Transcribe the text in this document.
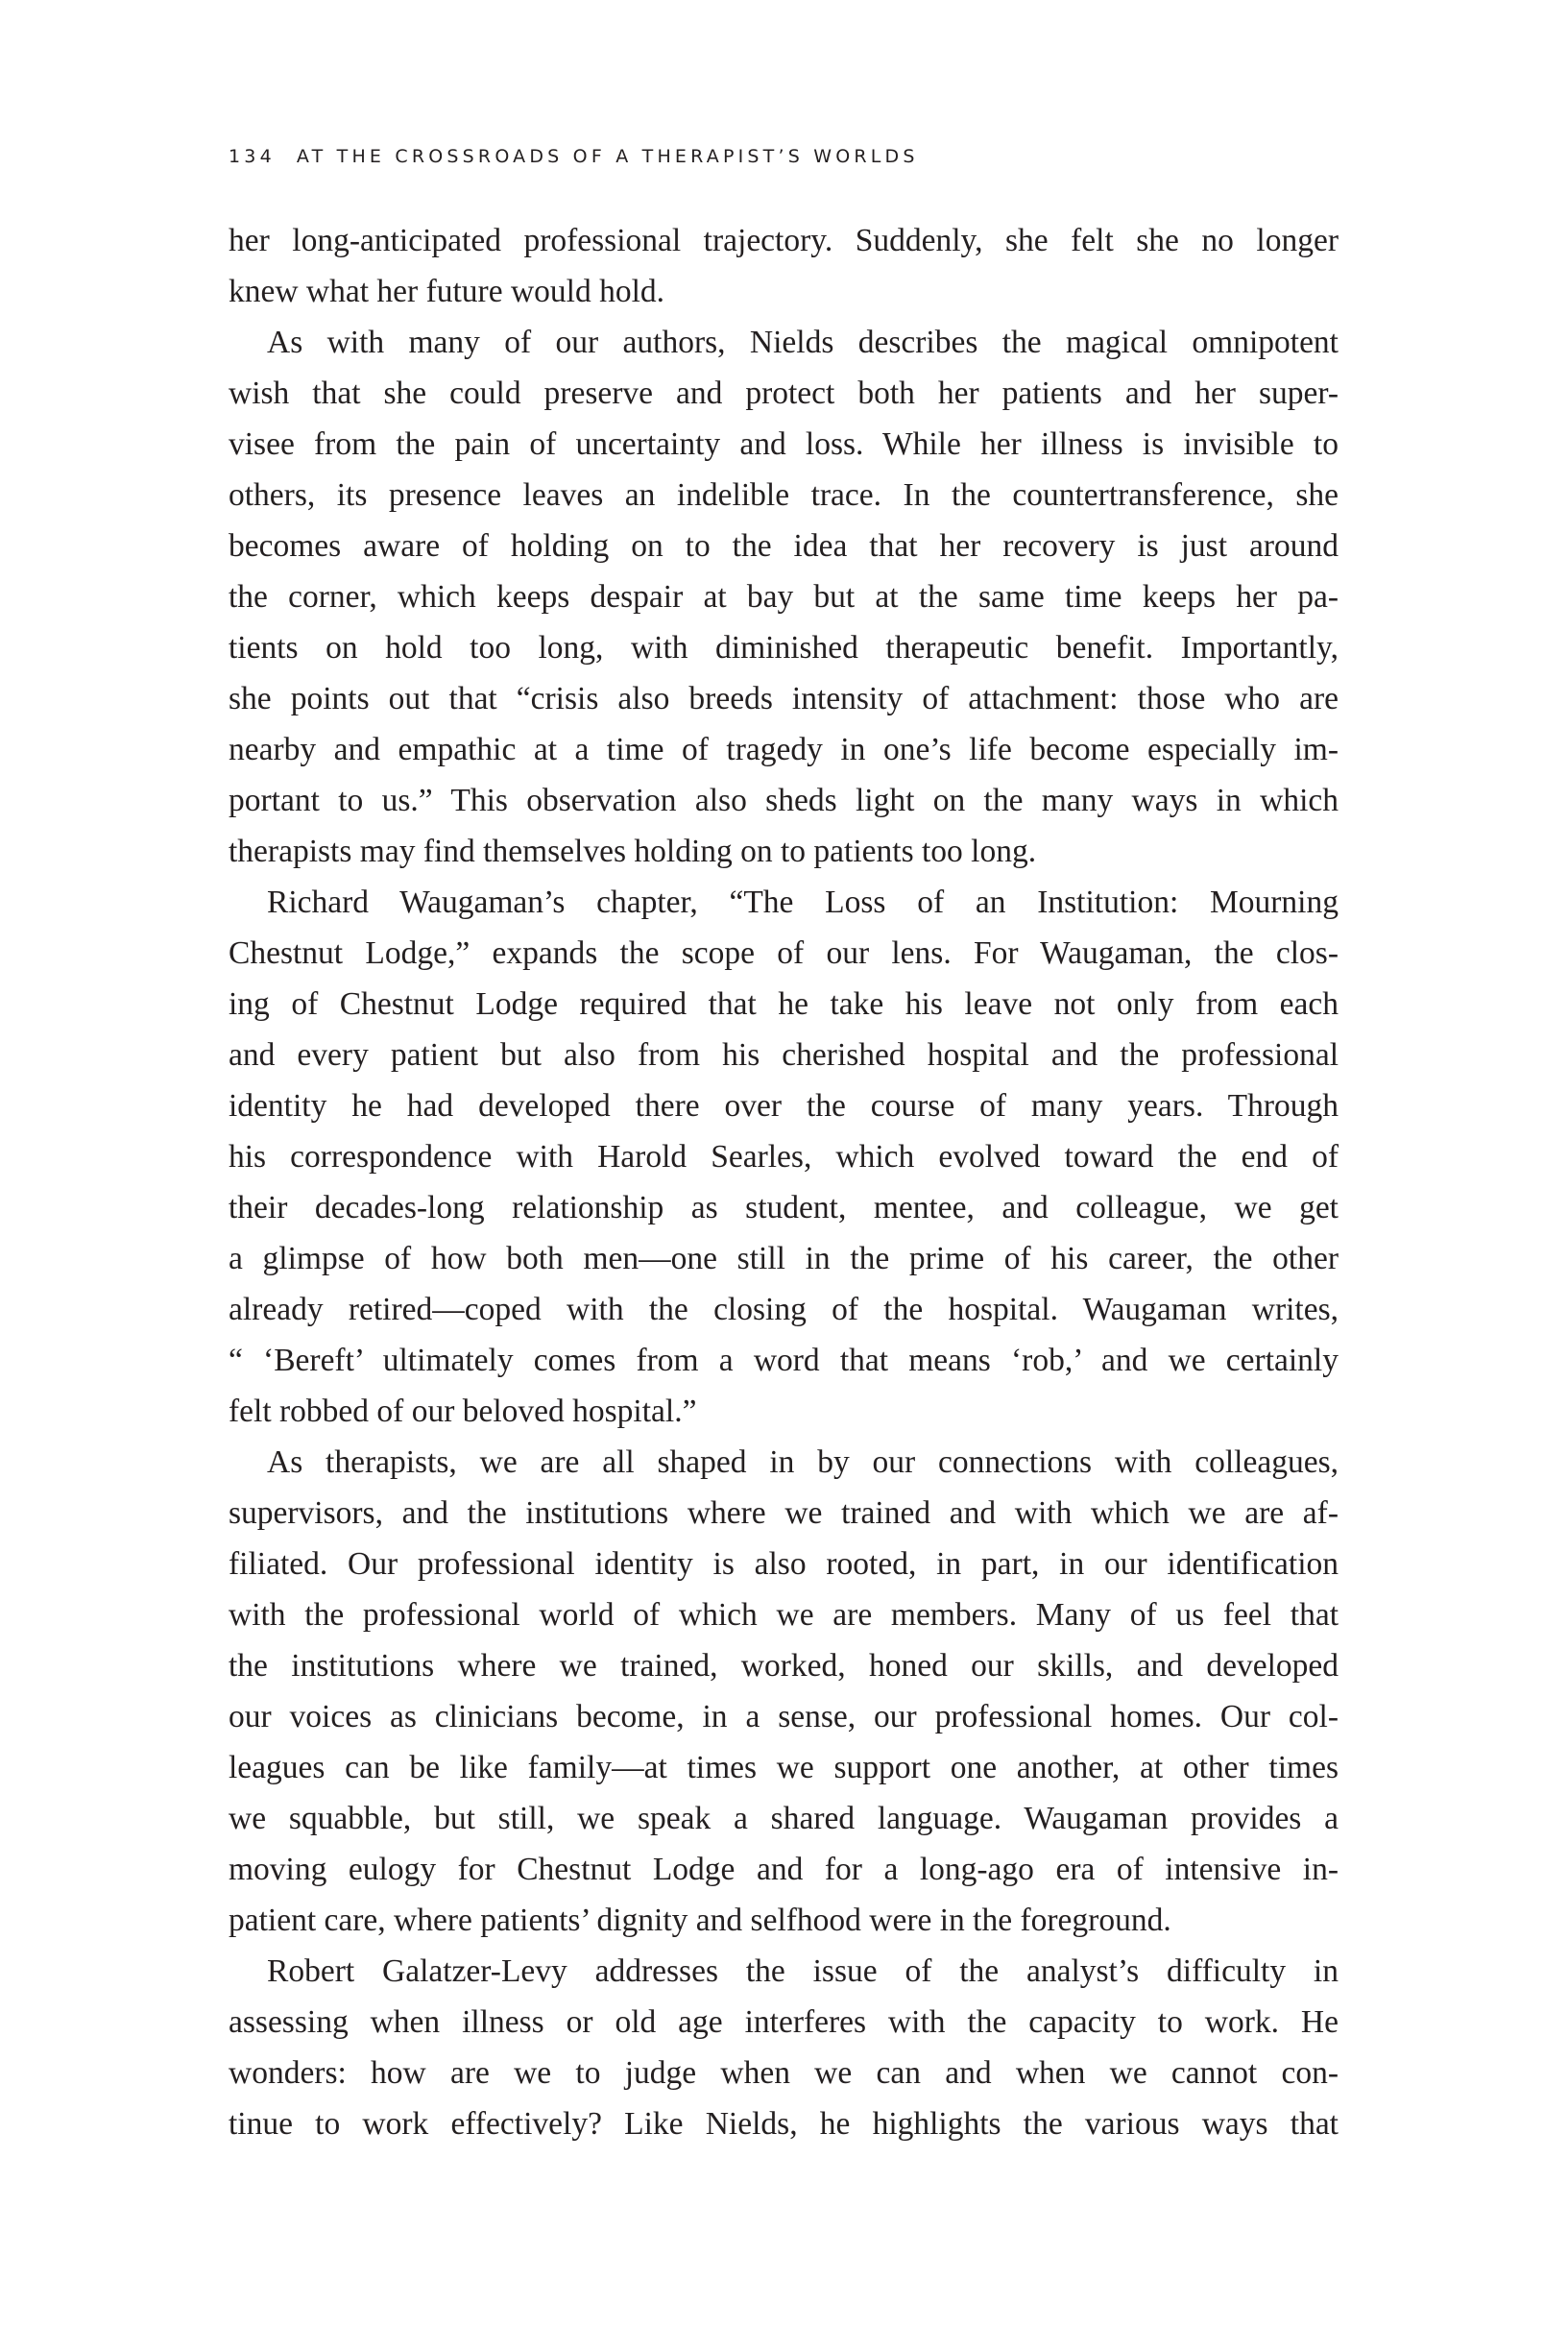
134 AT THE CROSSROADS OF A THERAPIST’S WORLDS
her long-anticipated professional trajectory. Suddenly, she felt she no longer
knew what her future would hold.
As with many of our authors, Nields describes the magical omnipotent
wish that she could preserve and protect both her patients and her super-
visee from the pain of uncertainty and loss. While her illness is invisible to
others, its presence leaves an indelible trace. In the countertransference, she
becomes aware of holding on to the idea that her recovery is just around
the corner, which keeps despair at bay but at the same time keeps her pa-
tients on hold too long, with diminished therapeutic benefit. Importantly,
she points out that “crisis also breeds intensity of attachment: those who are
nearby and empathic at a time of tragedy in one’s life become especially im-
portant to us.” This observation also sheds light on the many ways in which
therapists may find themselves holding on to patients too long.
Richard Waugaman’s chapter, “The Loss of an Institution: Mourning
Chestnut Lodge,” expands the scope of our lens. For Waugaman, the clos-
ing of Chestnut Lodge required that he take his leave not only from each
and every patient but also from his cherished hospital and the professional
identity he had developed there over the course of many years. Through
his correspondence with Harold Searles, which evolved toward the end of
their decades-long relationship as student, mentee, and colleague, we get
a glimpse of how both men—one still in the prime of his career, the other
already retired—coped with the closing of the hospital. Waugaman writes,
“ ‘Bereft’ ultimately comes from a word that means ‘rob,’ and we certainly
felt robbed of our beloved hospital.”
As therapists, we are all shaped in by our connections with colleagues,
supervisors, and the institutions where we trained and with which we are af-
filiated. Our professional identity is also rooted, in part, in our identification
with the professional world of which we are members. Many of us feel that
the institutions where we trained, worked, honed our skills, and developed
our voices as clinicians become, in a sense, our professional homes. Our col-
leagues can be like family—at times we support one another, at other times
we squabble, but still, we speak a shared language. Waugaman provides a
moving eulogy for Chestnut Lodge and for a long-ago era of intensive in-
patient care, where patients’ dignity and selfhood were in the foreground.
Robert Galatzer-Levy addresses the issue of the analyst’s difficulty in
assessing when illness or old age interferes with the capacity to work. He
wonders: how are we to judge when we can and when we cannot con-
tinue to work effectively? Like Nields, he highlights the various ways that
